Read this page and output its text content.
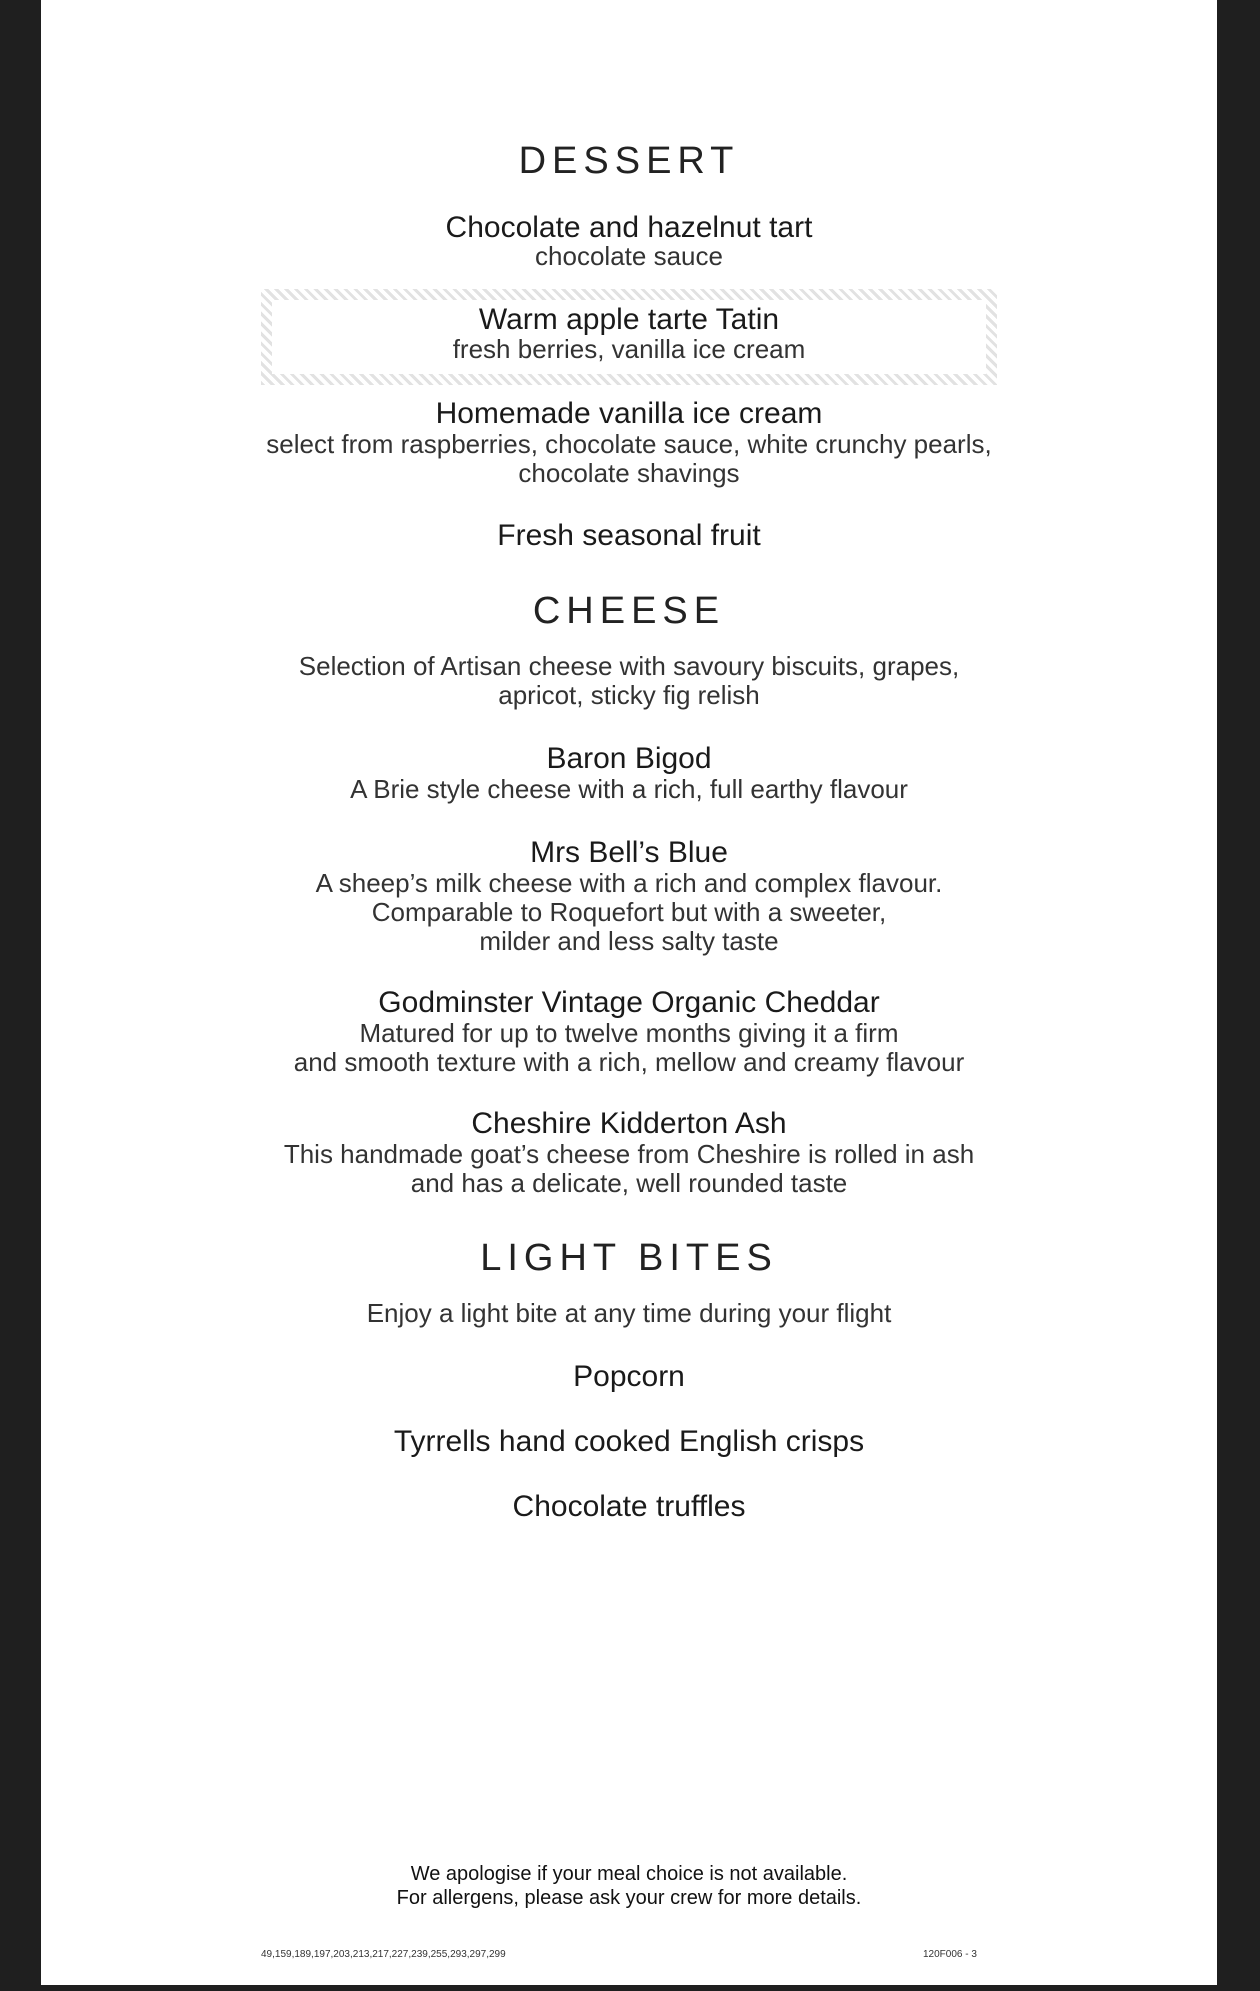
DESSERT
Chocolate and hazelnut tart
chocolate sauce
Warm apple tarte Tatin
fresh berries, vanilla ice cream
Homemade vanilla ice cream
select from raspberries, chocolate sauce, white crunchy pearls,
chocolate shavings
Fresh seasonal fruit
CHEESE
Selection of Artisan cheese with savoury biscuits, grapes,
apricot, sticky fig relish
Baron Bigod
A Brie style cheese with a rich, full earthy flavour
Mrs Bell’s Blue
A sheep’s milk cheese with a rich and complex flavour.
Comparable to Roquefort but with a sweeter,
milder and less salty taste
Godminster Vintage Organic Cheddar
Matured for up to twelve months giving it a firm
and smooth texture with a rich, mellow and creamy flavour
Cheshire Kidderton Ash
This handmade goat’s cheese from Cheshire is rolled in ash
and has a delicate, well rounded taste
LIGHT BITES
Enjoy a light bite at any time during your flight
Popcorn
Tyrrells hand cooked English crisps
Chocolate truffles
We apologise if your meal choice is not available.
For allergens, please ask your crew for more details.
49,159,189,197,203,213,217,227,239,255,293,297,299	120F006 - 3
